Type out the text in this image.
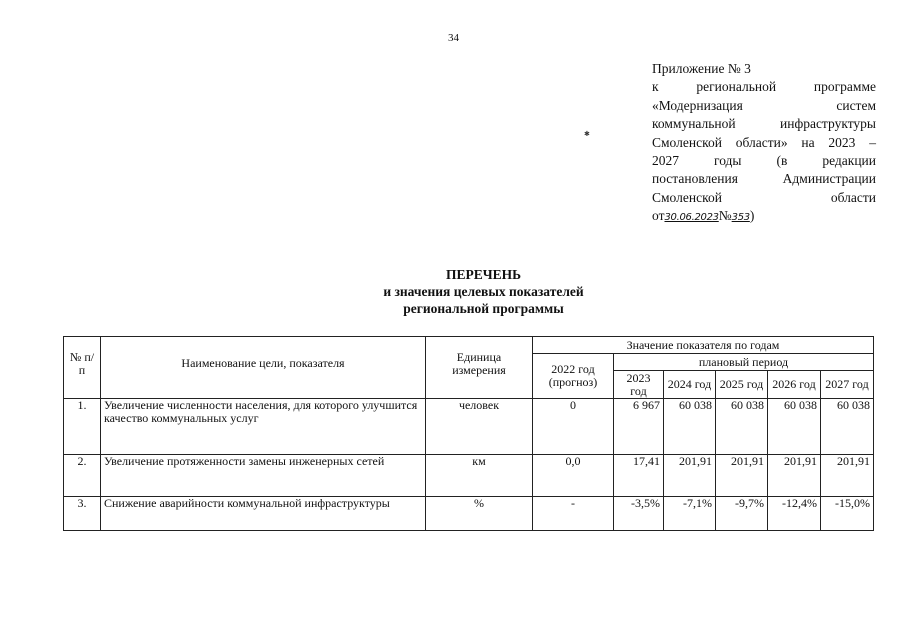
34
✱
Приложение № 3
к региональной программе
«Модернизация систем
коммунальной инфраструктуры
Смоленской области» на 2023 –
2027 годы (в редакции
постановления Администрации
Смоленской области
от30.06.2023№353)
ПЕРЕЧЕНЬ
и значения целевых показателей
региональной программы
№ п/п	Наименование цели, показателя	Единица измерения	Значение показателя по годам					
			2022 год (прогноз)	плановый период				
				2023 год	2024 год	2025 год	2026 год	2027 год
1.	Увеличение численности населения, для которого улучшится качество коммунальных услуг	человек	0	6 967	60 038	60 038	60 038	60 038
2.	Увеличение протяженности замены инженерных сетей	км	0,0	17,41	201,91	201,91	201,91	201,91
3.	Снижение аварийности коммунальной инфраструктуры	%	-	-3,5%	-7,1%	-9,7%	-12,4%	-15,0%
